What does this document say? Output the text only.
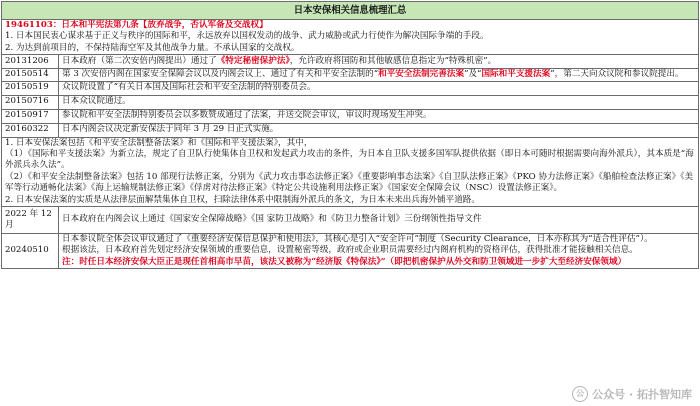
日本安保相关信息梳理汇总	

19461103：日本和平宪法第九条【放弃战争，否认军备及交战权】
1. 日本国民衷心谋求基于正义与秩序的国际和平，永远放弃以国权发动的战争、武力威胁或武力行使作为解决国际争端的手段。
2. 为达到前项目的，不保持陆海空军及其他战争力量。不承认国家的交战权。	

20131206	日本政府（第二次安倍内阁提出）通过了《特定秘密保护法》，允许政府将国防和其他敏感信息指定为“特殊机密”。
20150514	第 3 次安倍内阁在国家安全保障会议以及内阁会议上、通过了有关和平安全法制的“和平安全法制完善法案”及“国际和平支援法案”，第二天向众议院和参议院提出。
20150519	众议院设置了“有关日本国及国际社会和平安全法制的特别委员会。
20150716	日本众议院通过。
20150917	参议院和平安全法制特别委员会以多数赞成通过了法案，并送交院会审议，审议时现场发生冲突。
20160322	日本内阁会议决定新安保法于同年 3 月 29 日正式实施。

1. 日本安保法案包括《和平安全法制整备法案》和《国际和平支援法案》，其中，
（1）《国际和平支援法案》为新立法，规定了自卫队行使集体自卫权和发起武力攻击的条件，为日本自卫队支援多国军队提供依据（即日本可随时根据需要向海外派兵），其本质是“海外派兵永久法”。
（2）《和平安全法制整备法案》包括 10 部现行法修正案，分别为《武力攻击事态法修正案》《重要影响事态法案》《自卫队法修正案》《PKO 协力法修正案》《船舶检查法修正案》《美军等行动通畅化法案》《海上运输规制法修正案》《俘虏对待法修正案》《特定公共设施利用法修正案》《国家安全保障会议（NSC）设置法修正案》。
2. 日本安保法案的实质是从法律层面解禁集体自卫权，扫除法律体系中限制海外派兵的条文，为日本未来出兵海外铺平道路。	

2022 年 12 月	日本政府在内阁会议上通过《国家安全保障战略》《国 家防卫战略》和《防卫力整备计划》三份纲领性指导文件
20240510	日本参议院全体会议审议通过了《重要经济安保信息保护和使用法》，其核心是引入“安全许可”制度（Security Clearance，日本亦称其为“适合性评估”）。
根据该法，日本政府首先划定经济安保领域的重要信息，设置秘密等级，政府或企业职员需要经过内阁府机构的资格评估，获得批准才能接触相关信息。
注：时任日本经济安保大臣正是现任首相高市早苗，该法又被称为“经济版《特保法》”（即把机密保护从外交和防卫领域进一步扩大至经济安保领域）
公 公众号 · 拓扑智知库
